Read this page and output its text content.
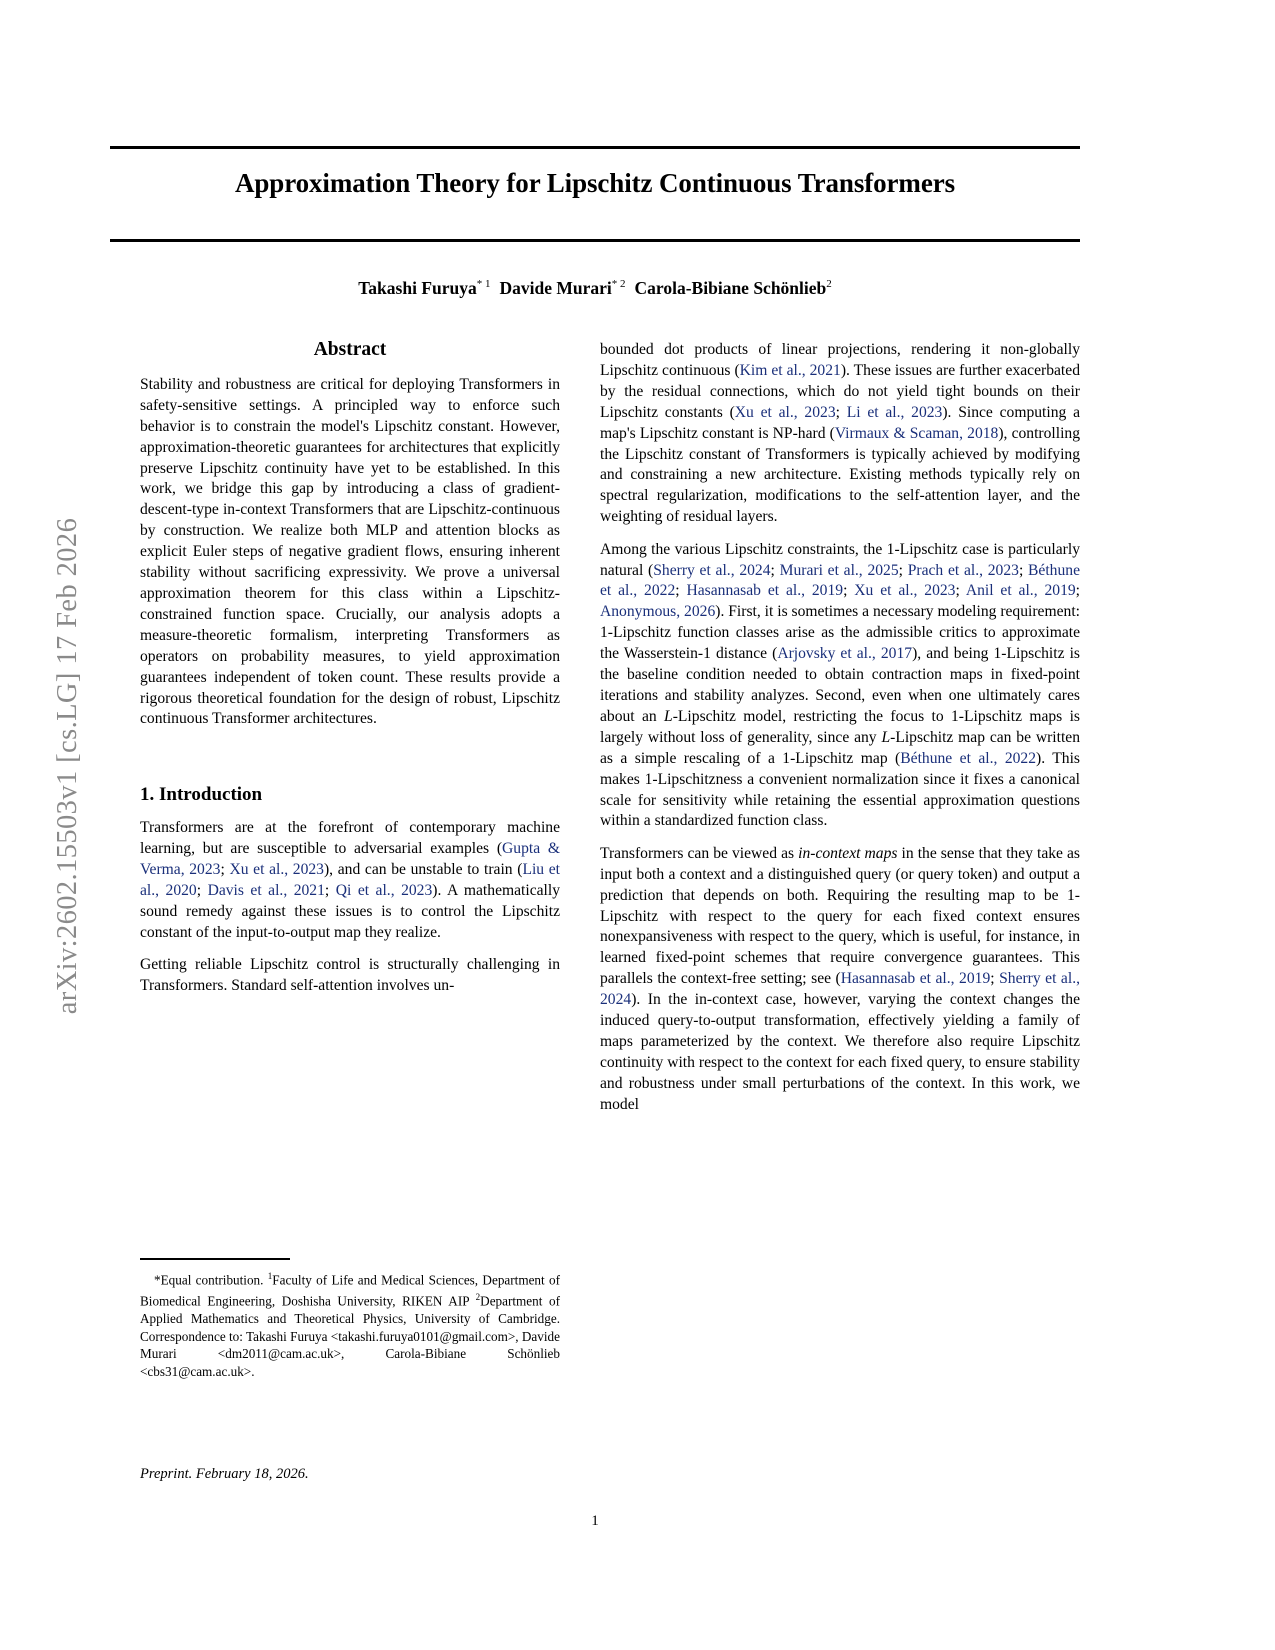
arXiv:2602.15503v1 [cs.LG] 17 Feb 2026
Approximation Theory for Lipschitz Continuous Transformers
Takashi Furuya$^{* 1}$ Davide Murari$^{* 2}$ Carola-Bibiane Schönlieb$^2$
Abstract

Stability and robustness are critical for deploying Transformers in safety-sensitive settings. A principled way to enforce such behavior is to constrain the model's Lipschitz constant. However, approximation-theoretic guarantees for architectures that explicitly preserve Lipschitz continuity have yet to be established. In this work, we bridge this gap by introducing a class of gradient-descent-type in-context Transformers that are Lipschitz-continuous by construction. We realize both MLP and attention blocks as explicit Euler steps of negative gradient flows, ensuring inherent stability without sacrificing expressivity. We prove a universal approximation theorem for this class within a Lipschitz-constrained function space. Crucially, our analysis adopts a measure-theoretic formalism, interpreting Transformers as operators on probability measures, to yield approximation guarantees independent of token count. These results provide a rigorous theoretical foundation for the design of robust, Lipschitz continuous Transformer architectures.

1. Introduction

Transformers are at the forefront of contemporary machine learning, but are susceptible to adversarial examples (Gupta & Verma, 2023; Xu et al., 2023), and can be unstable to train (Liu et al., 2020; Davis et al., 2021; Qi et al., 2023). A mathematically sound remedy against these issues is to control the Lipschitz constant of the input-to-output map they realize.

Getting reliable Lipschitz control is structurally challenging in Transformers. Standard self-attention involves un-

bounded dot products of linear projections, rendering it non-globally Lipschitz continuous (Kim et al., 2021). These issues are further exacerbated by the residual connections, which do not yield tight bounds on their Lipschitz constants (Xu et al., 2023; Li et al., 2023). Since computing a map's Lipschitz constant is NP-hard (Virmaux & Scaman, 2018), controlling the Lipschitz constant of Transformers is typically achieved by modifying and constraining a new architecture. Existing methods typically rely on spectral regularization, modifications to the self-attention layer, and the weighting of residual layers.

Among the various Lipschitz constraints, the 1-Lipschitz case is particularly natural (Sherry et al., 2024; Murari et al., 2025; Prach et al., 2023; Béthune et al., 2022; Hasannasab et al., 2019; Xu et al., 2023; Anil et al., 2019; Anonymous, 2026). First, it is sometimes a necessary modeling requirement: 1-Lipschitz function classes arise as the admissible critics to approximate the Wasserstein-1 distance (Arjovsky et al., 2017), and being 1-Lipschitz is the baseline condition needed to obtain contraction maps in fixed-point iterations and stability analyzes. Second, even when one ultimately cares about an L-Lipschitz model, restricting the focus to 1-Lipschitz maps is largely without loss of generality, since any L-Lipschitz map can be written as a simple rescaling of a 1-Lipschitz map (Béthune et al., 2022). This makes 1-Lipschitzness a convenient normalization since it fixes a canonical scale for sensitivity while retaining the essential approximation questions within a standardized function class.

Transformers can be viewed as in-context maps in the sense that they take as input both a context and a distinguished query (or query token) and output a prediction that depends on both. Requiring the resulting map to be 1-Lipschitz with respect to the query for each fixed context ensures nonexpansiveness with respect to the query, which is useful, for instance, in learned fixed-point schemes that require convergence guarantees. This parallels the context-free setting; see (Hasannasab et al., 2019; Sherry et al., 2024). In the in-context case, however, varying the context changes the induced query-to-output transformation, effectively yielding a family of maps parameterized by the context. We therefore also require Lipschitz continuity with respect to the context for each fixed query, to ensure stability and robustness under small perturbations of the context. In this work, we model

*Equal contribution. $^1$Faculty of Life and Medical Sciences, Department of Biomedical Engineering, Doshisha University, RIKEN AIP $^2$Department of Applied Mathematics and Theoretical Physics, University of Cambridge. Correspondence to: Takashi Furuya <takashi.furuya0101@gmail.com>, Davide Murari <dm2011@cam.ac.uk>, Carola-Bibiane Schönlieb <cbs31@cam.ac.uk>.
Preprint. February 18, 2026.
1
